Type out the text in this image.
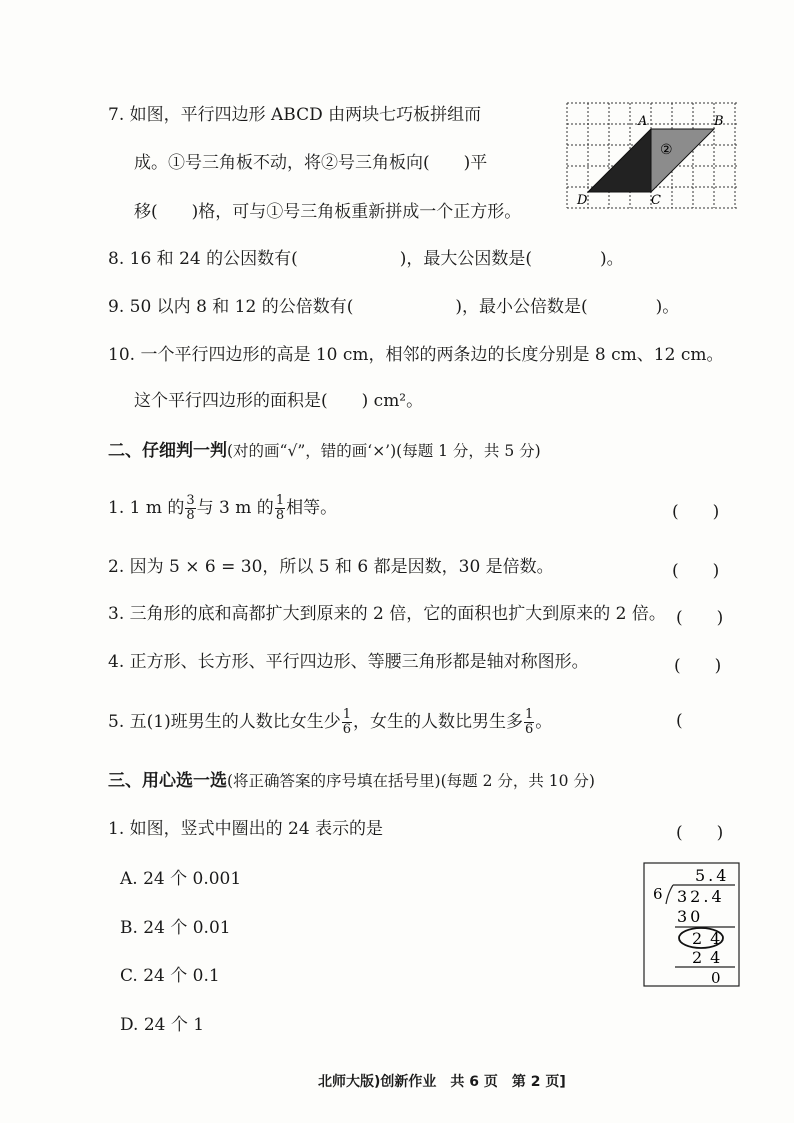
7. 如图，平行四边形 ABCD 由两块七巧板拼组而
成。①号三角板不动，将②号三角板向(　　)平
移(　　)格，可与①号三角板重新拼成一个正方形。
A	B
C
D
②
8. 16 和 24 的公因数有(　　　　　　)，最大公因数是(　　　　)。
9. 50 以内 8 和 12 的公倍数有(　　　　　　)，最小公倍数是(　　　　)。
10. 一个平行四边形的高是 10 cm，相邻的两条边的长度分别是 8 cm、12 cm。
这个平行四边形的面积是(　　) cm²。
二、仔细判一判(对的画“√”，错的画‘×’)(每题 1 分，共 5 分)
1. 1 m 的 $\frac{3}{8}$ 与 3 m 的 $\frac{1}{8}$ 相等。	(　　)
2. 因为 5 × 6 = 30，所以 5 和 6 都是因数，30 是倍数。	(　　)
3. 三角形的底和高都扩大到原来的 2 倍，它的面积也扩大到原来的 2 倍。 (　　)
4. 正方形、长方形、平行四边形、等腰三角形都是轴对称图形。	(　　)
5. 五(1)班男生的人数比女生少 $\frac{1}{6}$ ，女生的人数比男生多 $\frac{1}{6}$ 。	(
三、用心选一选(将正确答案的序号填在括号里)(每题 2 分，共 10 分)
1. 如图，竖式中圈出的 24 表示的是	(　　)
A. 24 个 0.001
B. 24 个 0.01
C. 24 个 0.1
D. 24 个 1
5.4
6 32.4
30
24
24
0
北师大版)创新作业　共 6 页　第 2 页]
